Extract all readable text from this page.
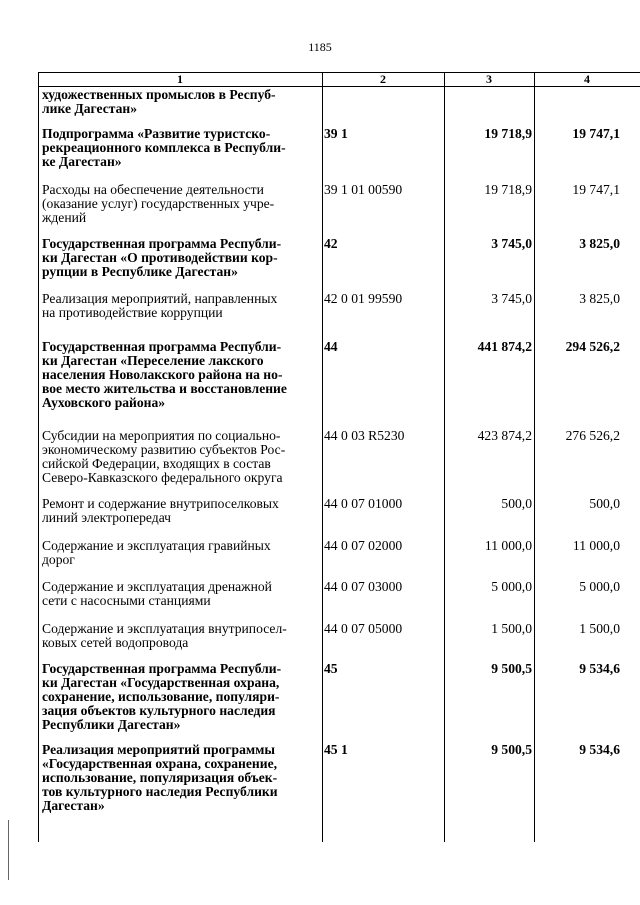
1185
1	2	3	4
художественных промыслов в Респуб-
лике Дагестан»
Подпрограмма «Развитие туристско-
рекреационного комплекса в Республи-
ке Дагестан»
39 1	19 718,9	19 747,1
Расходы на обеспечение деятельности
(оказание услуг) государственных учре-
ждений
39 1 01 00590	19 718,9	19 747,1
Государственная программа Республи-
ки Дагестан «О противодействии кор-
рупции в Республике Дагестан»
42	3 745,0	3 825,0
Реализация мероприятий, направленных
на противодействие коррупции
42 0 01 99590	3 745,0	3 825,0
Государственная программа Республи-
ки Дагестан «Переселение лакского
населения Новолакского района на но-
вое место жительства и восстановление
Ауховского района»
44	441 874,2	294 526,2
Субсидии на мероприятия по социально-
экономическому развитию субъектов Рос-
сийской Федерации, входящих в состав
Северо-Кавказского федерального округа
44 0 03 R5230	423 874,2	276 526,2
Ремонт и содержание внутрипоселковых
линий электропередач
44 0 07 01000	500,0	500,0
Содержание и эксплуатация гравийных
дорог
44 0 07 02000	11 000,0	11 000,0
Содержание и эксплуатация дренажной
сети с насосными станциями
44 0 07 03000	5 000,0	5 000,0
Содержание и эксплуатация внутрипосел-
ковых сетей водопровода
44 0 07 05000	1 500,0	1 500,0
Государственная программа Республи-
ки Дагестан «Государственная охрана,
сохранение, использование, популяри-
зация объектов культурного наследия
Республики Дагестан»
45	9 500,5	9 534,6
Реализация мероприятий программы
«Государственная охрана, сохранение,
использование, популяризация объек-
тов культурного наследия Республики
Дагестан»
45 1	9 500,5	9 534,6
